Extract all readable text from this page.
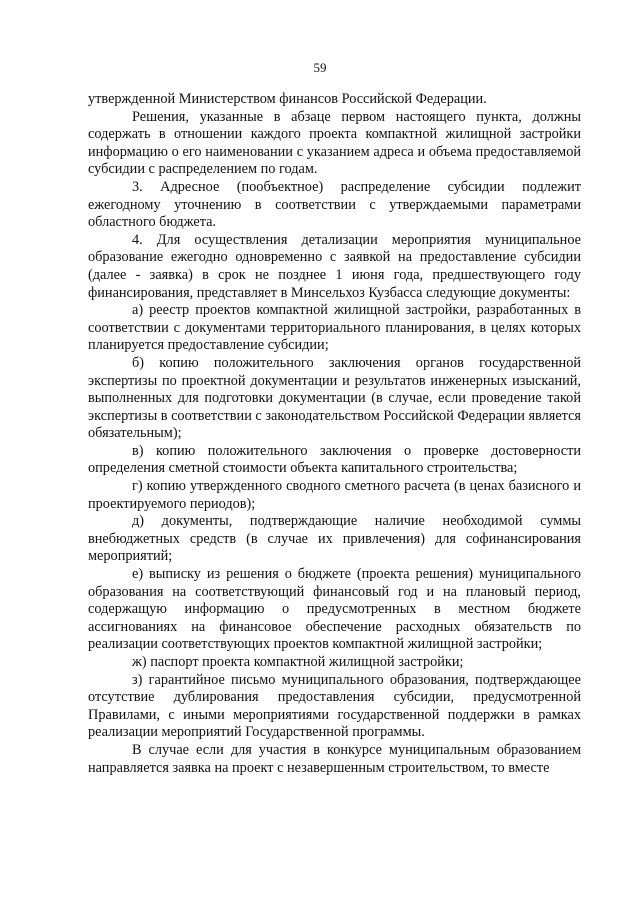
59

утвержденной Министерством финансов Российской Федерации.

Решения, указанные в абзаце первом настоящего пункта, должны содержать в отношении каждого проекта компактной жилищной застройки информацию о его наименовании с указанием адреса и объема предоставляемой субсидии с распределением по годам.

3. Адресное (пообъектное) распределение субсидии подлежит ежегодному уточнению в соответствии с утверждаемыми параметрами областного бюджета.

4. Для осуществления детализации мероприятия муниципальное образование ежегодно одновременно с заявкой на предоставление субсидии (далее - заявка) в срок не позднее 1 июня года, предшествующего году финансирования, представляет в Минсельхоз Кузбасса следующие документы:

а) реестр проектов компактной жилищной застройки, разработанных в соответствии с документами территориального планирования, в целях которых планируется предоставление субсидии;

б) копию положительного заключения органов государственной экспертизы по проектной документации и результатов инженерных изысканий, выполненных для подготовки документации (в случае, если проведение такой экспертизы в соответствии с законодательством Российской Федерации является обязательным);

в) копию положительного заключения о проверке достоверности определения сметной стоимости объекта капитального строительства;

г) копию утвержденного сводного сметного расчета (в ценах базисного и проектируемого периодов);

д) документы, подтверждающие наличие необходимой суммы внебюджетных средств (в случае их привлечения) для софинансирования мероприятий;

е) выписку из решения о бюджете (проекта решения) муниципального образования на соответствующий финансовый год и на плановый период, содержащую информацию о предусмотренных в местном бюджете ассигнованиях на финансовое обеспечение расходных обязательств по реализации соответствующих проектов компактной жилищной застройки;

ж) паспорт проекта компактной жилищной застройки;

з) гарантийное письмо муниципального образования, подтверждающее отсутствие дублирования предоставления субсидии, предусмотренной Правилами, с иными мероприятиями государственной поддержки в рамках реализации мероприятий Государственной программы.

В случае если для участия в конкурсе муниципальным образованием направляется заявка на проект с незавершенным строительством, то вместе
